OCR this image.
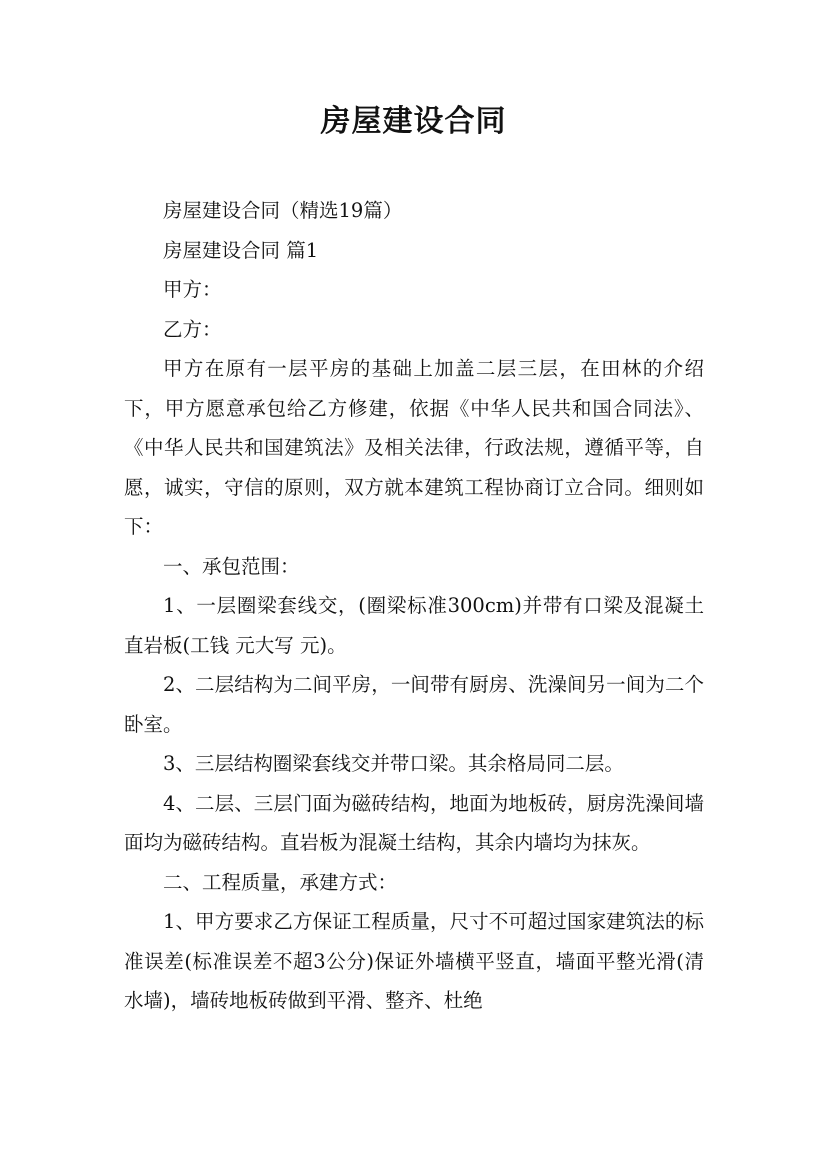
房屋建设合同

房屋建设合同（精选19篇）

房屋建设合同 篇1

甲方：

乙方：

甲方在原有一层平房的基础上加盖二层三层，在田林的介绍下，甲方愿意承包给乙方修建，依据《中华人民共和国合同法》、《中华人民共和国建筑法》及相关法律，行政法规，遵循平等，自愿，诚实，守信的原则，双方就本建筑工程协商订立合同。细则如下：

一、承包范围：

1、一层圈梁套线交，(圈梁标准300cm)并带有口梁及混凝土直岩板(工钱 元大写 元)。

2、二层结构为二间平房，一间带有厨房、洗澡间另一间为二个卧室。

3、三层结构圈梁套线交并带口梁。其余格局同二层。

4、二层、三层门面为磁砖结构，地面为地板砖，厨房洗澡间墙面均为磁砖结构。直岩板为混凝土结构，其余内墙均为抹灰。

二、工程质量，承建方式：

1、甲方要求乙方保证工程质量，尺寸不可超过国家建筑法的标准误差(标准误差不超3公分)保证外墙横平竖直，墙面平整光滑(清水墙)，墙砖地板砖做到平滑、整齐、杜绝
